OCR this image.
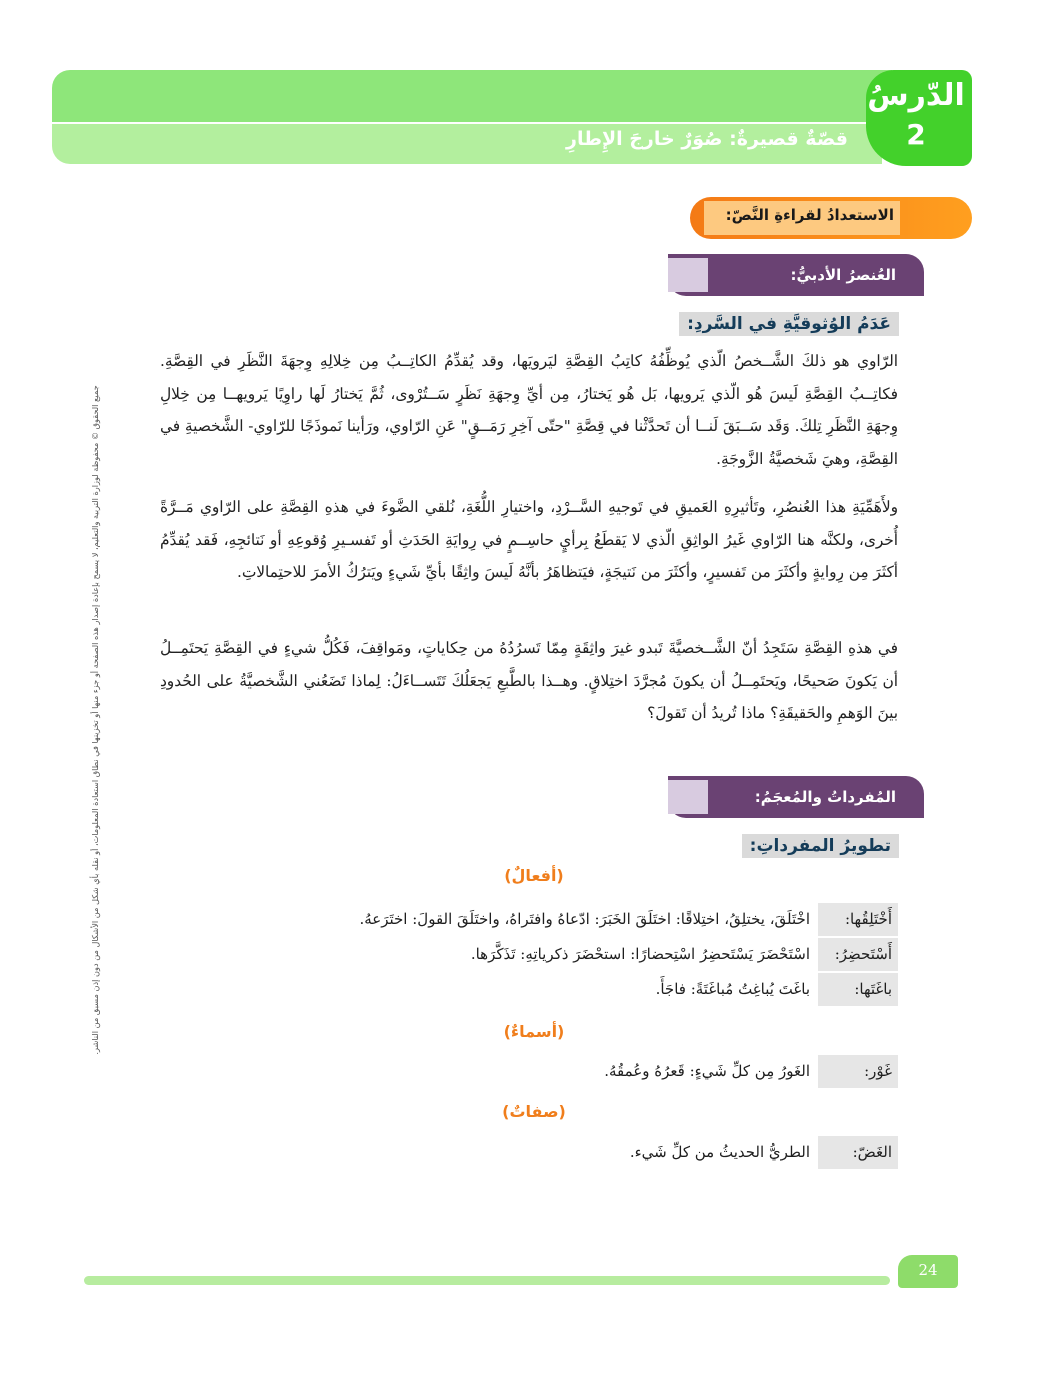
قصّةٌ قصيرةٌ: صُوَرٌ خارجَ الإِطارِ
الدّرسُ
2
الاستعدادُ لقراءةِ النَّصّ:
العُنصرُ الأدبيُّ:
عَدَمُ الوُثوقيَّةِ في السَّردِ:
الرّاوي هو ذلكَ الشَّــخصُ الّذي يُوظِّفُهُ كاتِبُ القِصَّةِ ليَرويَها، وقد يُقدِّمُ الكاتِــبُ مِن خِلالِهِ وِجهَةَ النَّظَرِ في القِصَّةِ. فكاتِــبُ القِصَّةِ لَيسَ هُو الّذي يَرويها، بَل هُو يَختارُ، مِن أيِّ وِجهَةِ نَظَرٍ سَــتُرْوى، ثُمَّ يَختارُ لَها راوِيًا يَرويهــا مِن خِلالِ وِجهَةِ النَّظَرِ تِلكَ. وَقَد سَــبَقَ لَنــا أن تَحدَّثْنا في قِصَّةِ "حتّى آخِرِ رَمَــقٍ" عَنِ الرّاوي، ورَأينا نَموذَجًا للرّاوي- الشَّخصيةِ في القِصَّةِ، وهيَ شَخصيَّةُ الزَّوجَةِ.
ولأَهَمِّيَةِ هذا العُنصُرِ، وتَأثيرِهِ العَميقِ في تَوجيهِ السَّــرْدِ، واختيارِ اللُّغَةِ، نُلقي الضَّوءَ في هذهِ القِصَّةِ على الرّاوي مَــرَّةً أُخرى، ولكنَّه هنا الرّاوي غَيرُ الواثِقِ الّذي لا يَقطَعُ بِرأيٍ حاسِــمٍ في رِوايَةِ الحَدَثِ أو تَفسـيرِ وُقوعِهِ أو نَتائجِهِ، فَقد يُقدِّمُ أكثَرَ مِن رِوايةٍ وأكثَرَ من تَفسيرٍ، وأكثَرَ من نَتيجَةٍ، فيَتظاهَرُ بأنَّهُ لَيسَ واثِقًا بأيِّ شَيءٍ ويَترُكُ الأمرَ للاحتِمالاتِ.
في هذهِ القِصَّةِ سَتَجِدُ أنّ الشَّــخصيَّةَ تَبدو غيرَ واثِقَةٍ مِمّا تَسرُدُهُ من حِكاياتٍ، ومَواقِفَ، فَكُلُّ شيءٍ في القِصَّةِ يَحتَمِــلُ أن يَكونَ صَحيحًا، ويَحتَمِــلُ أن يكونَ مُجرَّدَ اختِلاقٍ. وهــذا بالطَّبعِ يَجعَلُكَ تَتَســاءَلُ: لِماذا تَضَعُني الشَّخصيَّةُ على الحُدودِ بينَ الوَهمِ والحَقيقَةِ؟ ماذا تُريدُ أن تَقولَ؟
جميع الحقوق © محفوظة لوزارة التربية والتعليم، لا يسمح بإعادة إصدار هذه الصفحة أو جزء منها أو تخزينها في نطاق استعادة المعلومات، أو نقله بأي شكل من الأشكال من دون إذن مسبق من الناشر.	المُفرداتُ والمُعجَمُ:
تطويرُ المفرداتِ:
(أفعالٌ)
أَخْتَلِقُها:
اخْتَلَقَ، يختلِقُ، اختِلاقًا: اختَلَقَ الخَبَرَ: ادّعاهُ وافتَراهُ، واختَلَقَ القولَ: اختَرَعهُ.
أَسْتَحضِرُ:
اسْتَحْضَرَ يَسْتَحضِرُ اسْتِحضارًا: استحْضَرَ ذكرياتِهِ: تَذَكَّرَها.
باغَتَها:
باغَتَ يُباغِتُ مُباغَتَةً: فاجَأَ.
(أسماءٌ)
غَوْر:
الغَورُ مِن كلِّ شَيءٍ: قَعرُهُ وعُمقُهُ.
(صفاتٌ)
الغَضّ:
الطريُّ الحديثُ من كلِّ شَيء.
24
